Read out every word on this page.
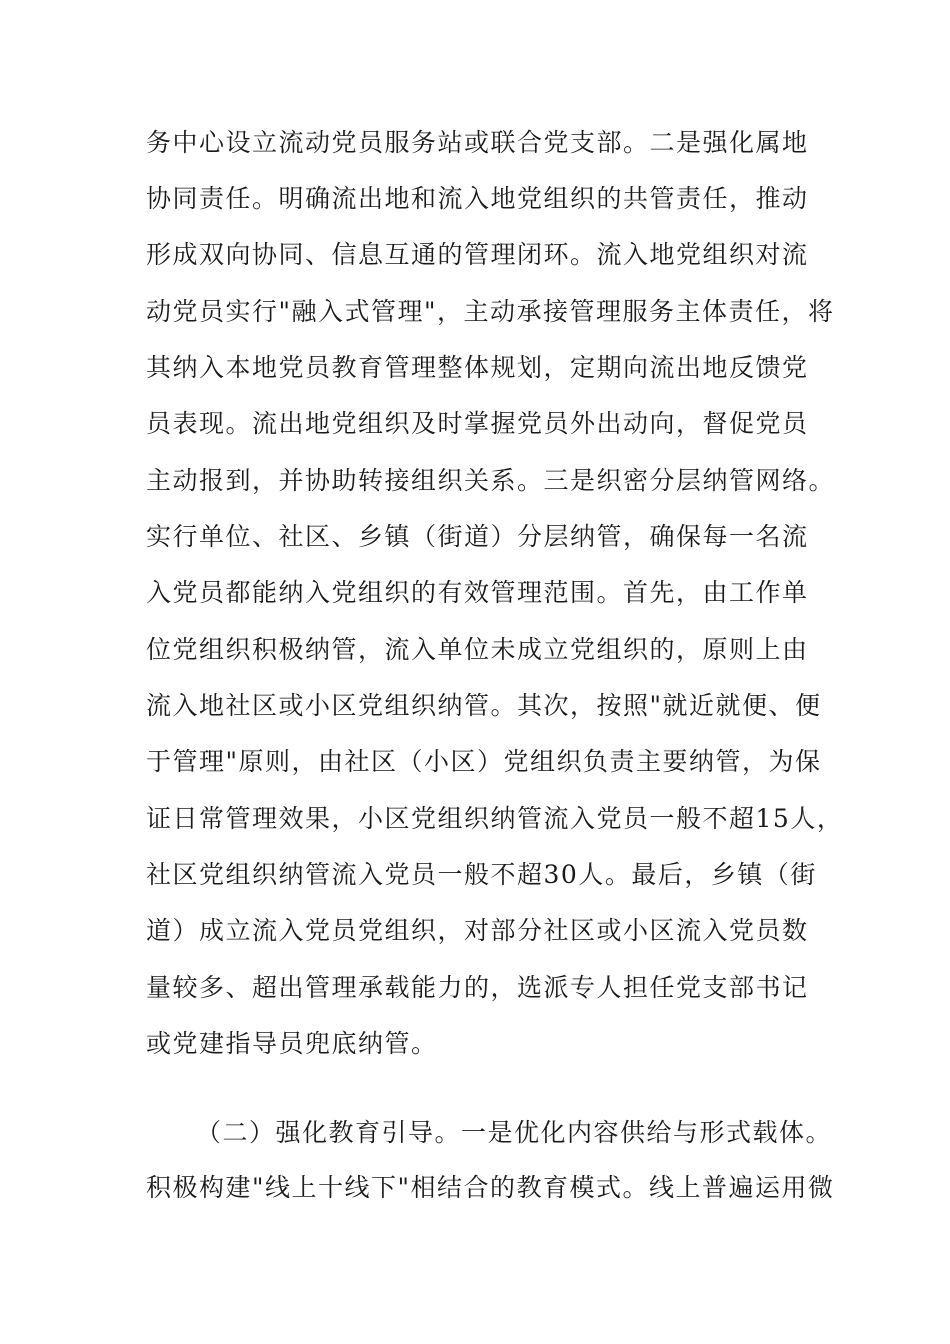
务中心设立流动党员服务站或联合党支部。二是强化属地
协同责任。明确流出地和流入地党组织的共管责任，推动
形成双向协同、信息互通的管理闭环。流入地党组织对流
动党员实行"融入式管理"，主动承接管理服务主体责任，将
其纳入本地党员教育管理整体规划，定期向流出地反馈党
员表现。流出地党组织及时掌握党员外出动向，督促党员
主动报到，并协助转接组织关系。三是织密分层纳管网络。
实行单位、社区、乡镇（街道）分层纳管，确保每一名流
入党员都能纳入党组织的有效管理范围。首先，由工作单
位党组织积极纳管，流入单位未成立党组织的，原则上由
流入地社区或小区党组织纳管。其次，按照"就近就便、便
于管理"原则，由社区（小区）党组织负责主要纳管，为保
证日常管理效果，小区党组织纳管流入党员一般不超15人，
社区党组织纳管流入党员一般不超30人。最后，乡镇（街
道）成立流入党员党组织，对部分社区或小区流入党员数
量较多、超出管理承载能力的，选派专人担任党支部书记
或党建指导员兜底纳管。
（二）强化教育引导。一是优化内容供给与形式载体。
积极构建"线上十线下"相结合的教育模式。线上普遍运用微
